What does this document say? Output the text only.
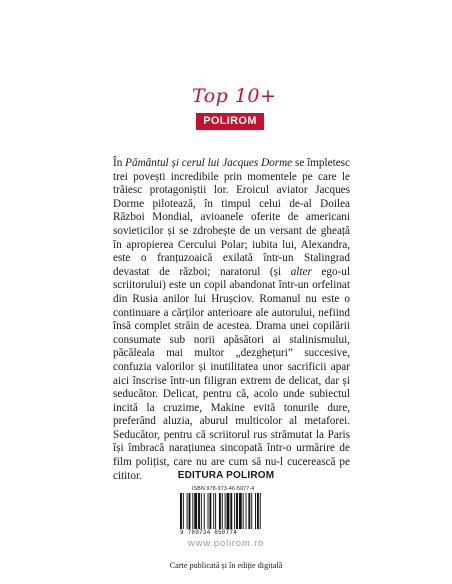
Top 10+
POLIROM

În Pământul și cerul lui Jacques Dorme se împletesc trei povești incredibile prin momentele pe care le trăiesc protagoniștii lor. Eroicul aviator Jacques Dorme pilotează, în timpul celui de-al Doilea Război Mondial, avioanele oferite de americani sovieticilor și se zdrobește de un versant de gheață în apropierea Cercului Polar; iubita lui, Alexandra, este o franțuzoaică exilată într-un Stalingrad devastat de război; naratorul (și alter ego-ul scriitorului) este un copil abandonat într-un orfelinat din Rusia anilor lui Hrușciov. Romanul nu este o continuare a cărților anterioare ale autorului, nefiind însă complet străin de acestea. Drama unei copilării consumate sub norii apăsători ai stalinismului, păcăleala mai multor „dezghețuri” succesive, confuzia valorilor și inutilitatea unor sacrificii apar aici înscrise într-un filigran extrem de delicat, dar și seducător. Delicat, pentru că, acolo unde subiectul incită la cruzime, Makine evită tonurile dure, preferând aluzia, aburul multicolor al metaforei. Seducător, pentru că scriitorul rus strămutat la Paris își îmbracă narațiunea sincopată într-o urmărire de film polițist, care nu are cum să nu-l cucerească pe cititor.	EDITURA POLIROM
ISBN 978-973-46-5077-4
9 789734 650774
www.polirom.ro
Carte publicată și în ediție digitală
